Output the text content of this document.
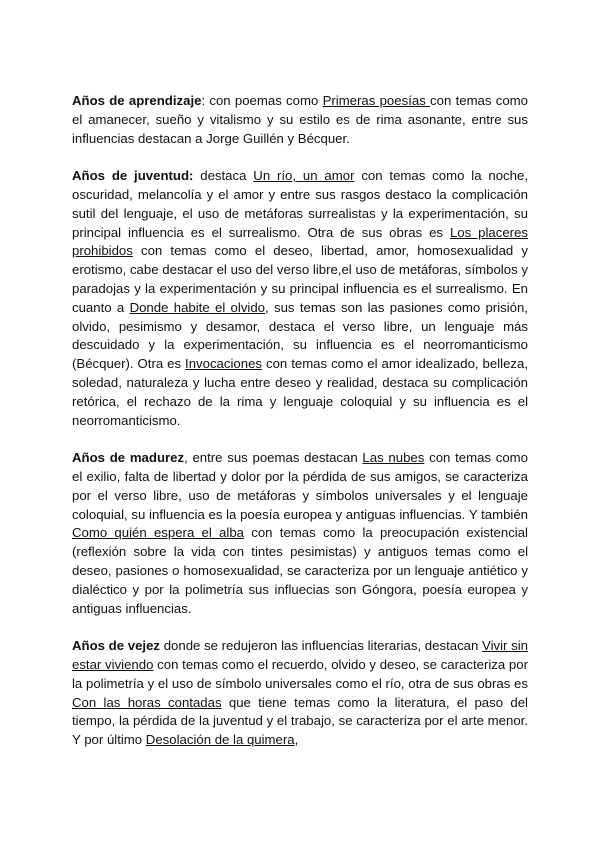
Años de aprendizaje: con poemas como Primeras poesías con temas como el amanecer, sueño y vitalismo y su estilo es de rima asonante, entre sus influencias destacan a Jorge Guillén y Bécquer.

Años de juventud: destaca Un río, un amor con temas como la noche, oscuridad, melancolía y el amor y entre sus rasgos destaco la complicación sutil del lenguaje, el uso de metáforas surrealistas y la experimentación, su principal influencia es el surrealismo. Otra de sus obras es Los placeres prohibidos con temas como el deseo, libertad, amor, homosexualidad y erotismo, cabe destacar el uso del verso libre,el uso de metáforas, símbolos y paradojas y la experimentación y su principal influencia es el surrealismo. En cuanto a Donde habite el olvido, sus temas son las pasiones como prisión, olvido, pesimismo y desamor, destaca el verso libre, un lenguaje más descuidado y la experimentación, su influencia es el neorromanticismo (Bécquer). Otra es Invocaciones con temas como el amor idealizado, belleza, soledad, naturaleza y lucha entre deseo y realidad, destaca su complicación retórica, el rechazo de la rima y lenguaje coloquial y su influencia es el neorromanticismo.

Años de madurez, entre sus poemas destacan Las nubes con temas como el exilio, falta de libertad y dolor por la pérdida de sus amigos, se caracteriza por el verso libre, uso de metáforas y símbolos universales y el lenguaje coloquial, su influencia es la poesía europea y antiguas influencias. Y también Como quién espera el alba con temas como la preocupación existencial (reflexión sobre la vida con tintes pesimistas) y antiguos temas como el deseo, pasiones o homosexualidad, se caracteriza por un lenguaje antiético y dialéctico y por la polimetría sus influecias son Góngora, poesía europea y antiguas influencias.

Años de vejez donde se redujeron las influencias literarias, destacan Vivir sin estar viviendo con temas como el recuerdo, olvido y deseo, se caracteriza por la polimetría y el uso de símbolo universales como el río, otra de sus obras es Con las horas contadas que tiene temas como la literatura, el paso del tiempo, la pérdida de la juventud y el trabajo, se caracteriza por el arte menor. Y por último Desolación de la quimera,
